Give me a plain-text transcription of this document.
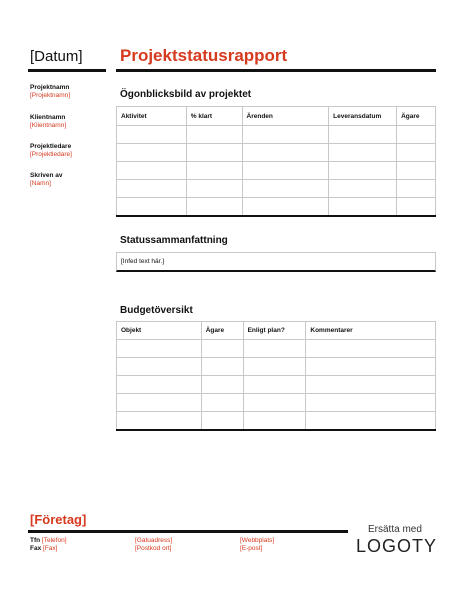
[Datum]
Projektnamn
[Projektnamn]
Klientnamn
[Klientnamn]
Projektledare
[Projektledare]
Skriven av
[Namn]
Projektstatusrapport
Ögonblicksbild av projektet
Aktivitet	% klart	Ärenden	Leveransdatum	Ägare

Statussammanfattning
[Infed text här.]
Budgetöversikt
Objekt	Ägare	Enligt plan?	Kommentarer

[Företag]
Tfn [Telefon]
Fax [Fax]
[Gatuadress]
[Postkod ort]
[Webbplats]
[E-post]
Ersätta med
LOGOTY
